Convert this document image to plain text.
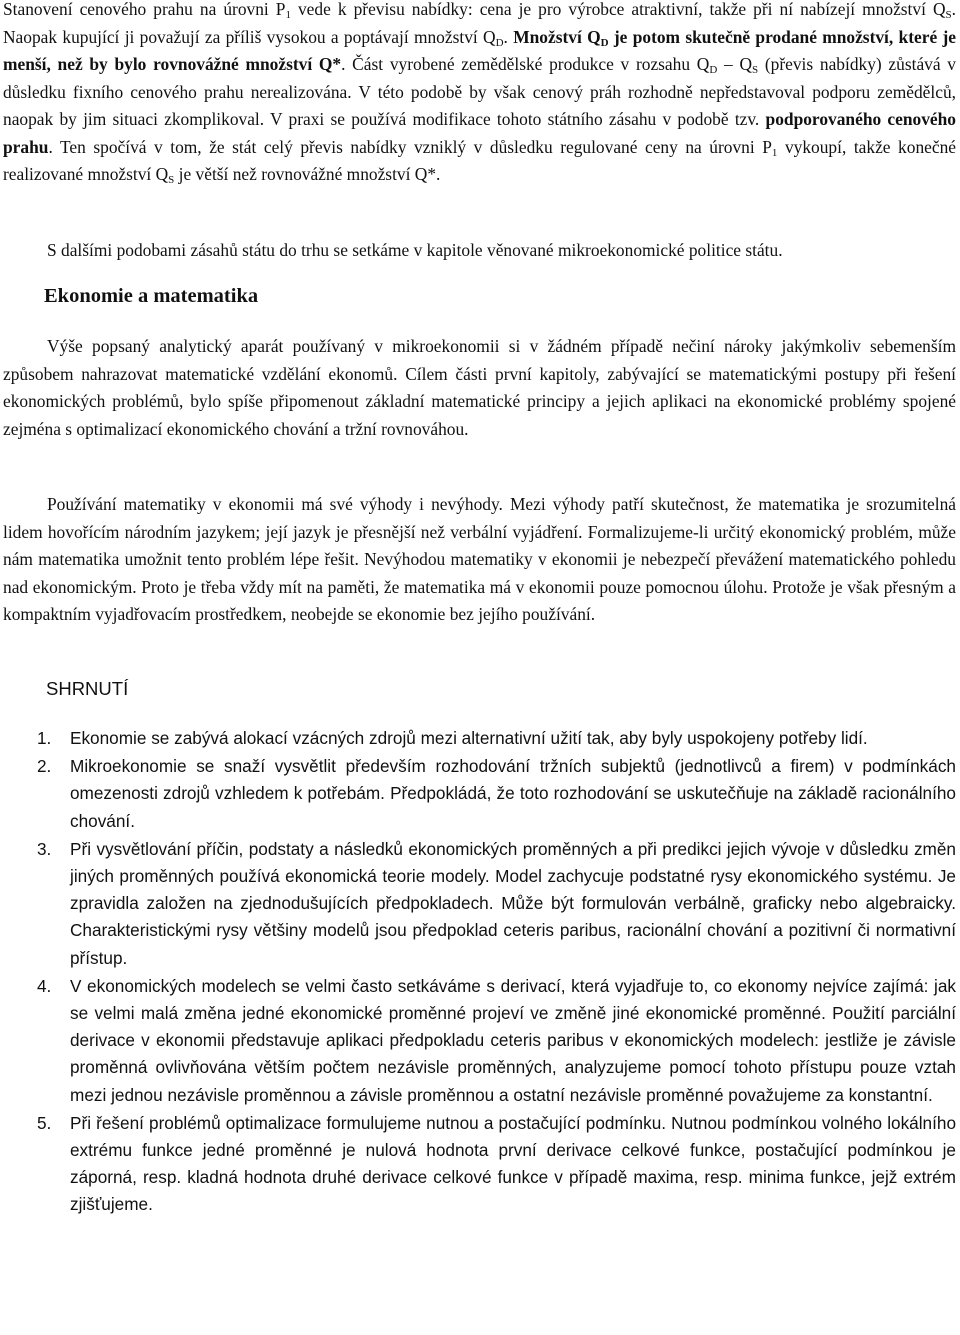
Stanovení cenového prahu na úrovni $P_1$ vede k převisu nabídky: cena je pro výrobce atraktivní, takže při ní nabízejí množství $Q_S$. Naopak kupující ji považují za příliš vysokou a poptávají množství $Q_D$. Množství $Q_D$ je potom skutečně prodané množství, které je menší, než by bylo rovnovážné množství Q*. Část vyrobené zemědělské produkce v rozsahu $Q_D - Q_S$ (převis nabídky) zůstává v důsledku fixního cenového prahu nerealizována. V této podobě by však cenový práh rozhodně nepředstavoval podporu zemědělců, naopak by jim situaci zkomplikoval. V praxi se používá modifikace tohoto státního zásahu v podobě tzv. podporovaného cenového prahu. Ten spočívá v tom, že stát celý převis nabídky vzniklý v důsledku regulované ceny na úrovni $P_1$ vykoupí, takže konečné realizované množství $Q_S$ je větší než rovnovážné množství Q*.

S dalšími podobami zásahů státu do trhu se setkáme v kapitole věnované mikroekonomické politice státu.

Ekonomie a matematika

Výše popsaný analytický aparát používaný v mikroekonomii si v žádném případě nečiní nároky jakýmkoliv sebemenším způsobem nahrazovat matematické vzdělání ekonomů. Cílem části první kapitoly, zabývající se matematickými postupy při řešení ekonomických problémů, bylo spíše připomenout základní matematické principy a jejich aplikaci na ekonomické problémy spojené zejména s optimalizací ekonomického chování a tržní rovnováhou.

Používání matematiky v ekonomii má své výhody i nevýhody. Mezi výhody patří skutečnost, že matematika je srozumitelná lidem hovořícím národním jazykem; její jazyk je přesnější než verbální vyjádření. Formalizujeme-li určitý ekonomický problém, může nám matematika umožnit tento problém lépe řešit. Nevýhodou matematiky v ekonomii je nebezpečí převážení matematického pohledu nad ekonomickým. Proto je třeba vždy mít na paměti, že matematika má v ekonomii pouze pomocnou úlohu. Protože je však přesným a kompaktním vyjadřovacím prostředkem, neobejde se ekonomie bez jejího používání.

SHRNUTÍ
1. Ekonomie se zabývá alokací vzácných zdrojů mezi alternativní užití tak, aby byly uspokojeny potřeby lidí.
2. Mikroekonomie se snaží vysvětlit především rozhodování tržních subjektů (jednotlivců a firem) v podmínkách omezenosti zdrojů vzhledem k potřebám. Předpokládá, že toto rozhodování se uskutečňuje na základě racionálního chování.
3. Při vysvětlování příčin, podstaty a následků ekonomických proměnných a při predikci jejich vývoje v důsledku změn jiných proměnných používá ekonomická teorie modely. Model zachycuje podstatné rysy ekonomického systému. Je zpravidla založen na zjednodušujících předpokladech. Může být formulován verbálně, graficky nebo algebraicky. Charakteristickými rysy většiny modelů jsou předpoklad ceteris paribus, racionální chování a pozitivní či normativní přístup.
4. V ekonomických modelech se velmi často setkáváme s derivací, která vyjadřuje to, co ekonomy nejvíce zajímá: jak se velmi malá změna jedné ekonomické proměnné projeví ve změně jiné ekonomické proměnné. Použití parciální derivace v ekonomii představuje aplikaci předpokladu ceteris paribus v ekonomických modelech: jestliže je závisle proměnná ovlivňována větším počtem nezávisle proměnných, analyzujeme pomocí tohoto přístupu pouze vztah mezi jednou nezávisle proměnnou a závisle proměnnou a ostatní nezávisle proměnné považujeme za konstantní.
5. Při řešení problémů optimalizace formulujeme nutnou a postačující podmínku. Nutnou podmínkou volného lokálního extrému funkce jedné proměnné je nulová hodnota první derivace celkové funkce, postačující podmínkou je záporná, resp. kladná hodnota druhé derivace celkové funkce v případě maxima, resp. minima funkce, jejž extrém zjišťujeme.
